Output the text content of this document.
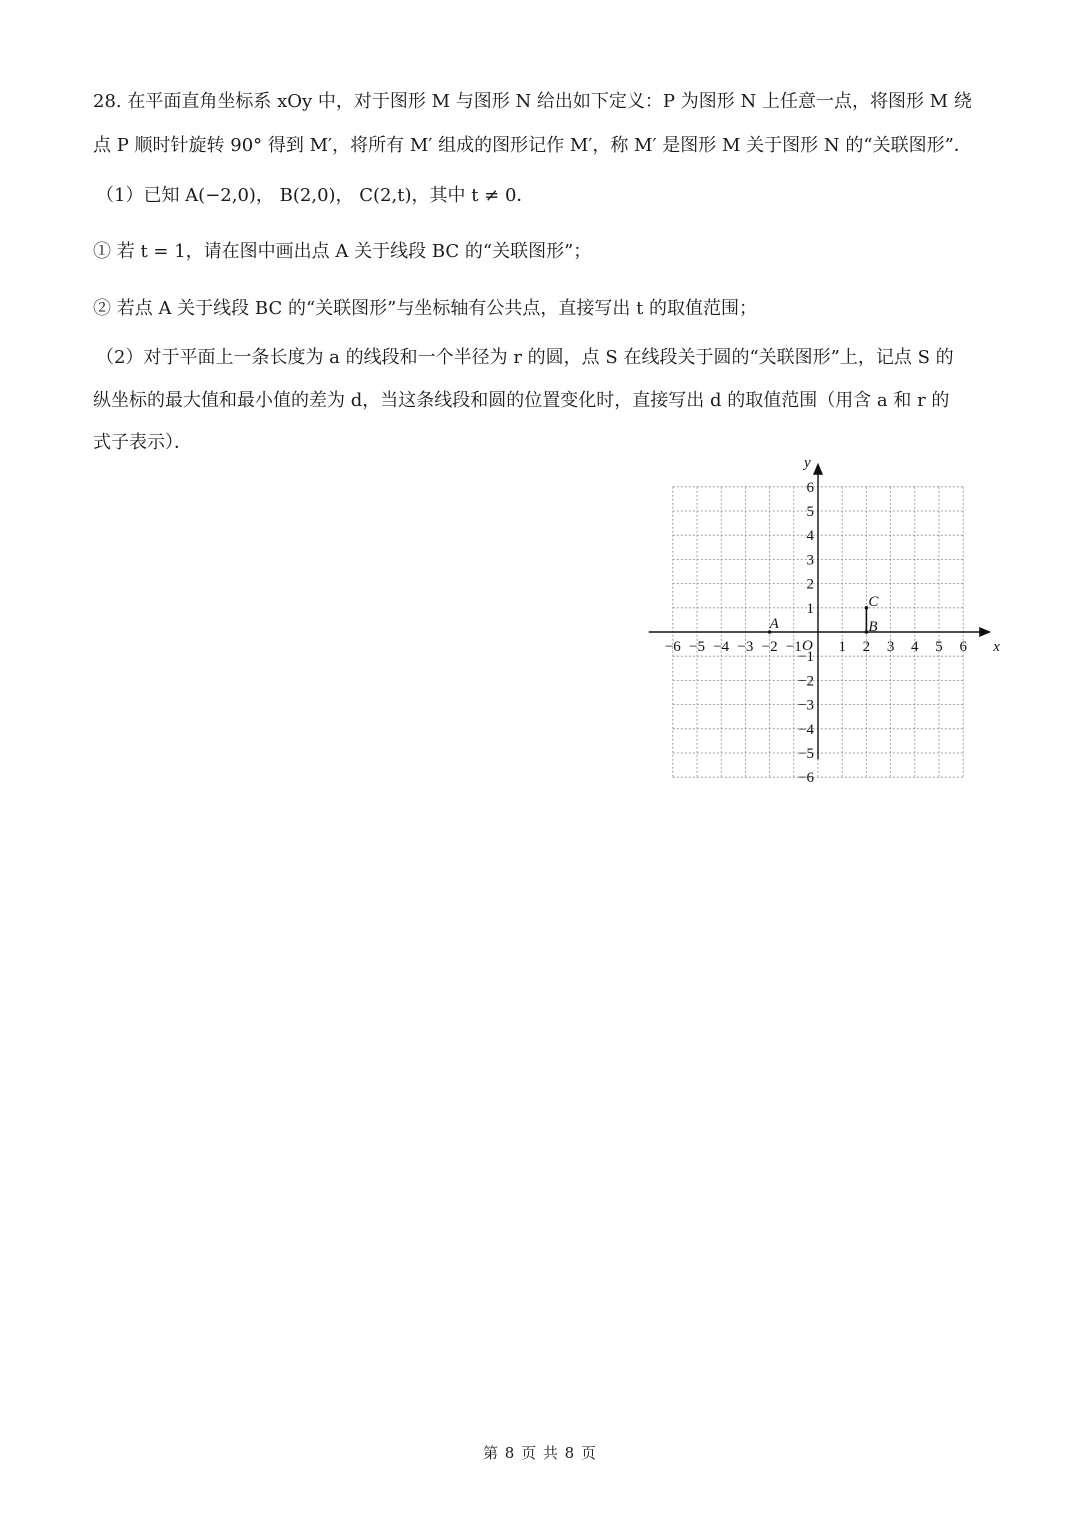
28. 在平面直角坐标系 xOy 中，对于图形 M 与图形 N 给出如下定义：P 为图形 N 上任意一点，将图形 M 绕
点 P 顺时针旋转 90° 得到 M′，将所有 M′ 组成的图形记作 M′，称 M′ 是图形 M 关于图形 N 的“关联图形”．
（1）已知 A(−2,0)， B(2,0)， C(2,t)，其中 t ≠ 0．
① 若 t = 1，请在图中画出点 A 关于线段 BC 的“关联图形”；
② 若点 A 关于线段 BC 的“关联图形”与坐标轴有公共点，直接写出 t 的取值范围；
（2）对于平面上一条长度为 a 的线段和一个半径为 r 的圆，点 S 在线段关于圆的“关联图形”上，记点 S 的
纵坐标的最大值和最小值的差为 d，当这条线段和圆的位置变化时，直接写出 d 的取值范围（用含 a 和 r 的
式子表示）．
−6 −5 −4 −3 −2 −1 1 2 3 4 5 6
6
5
4
3
2
1
−1
−2
−3
−4
−5
−6
x
y
O
A	B
C
第 8 页 共 8 页
